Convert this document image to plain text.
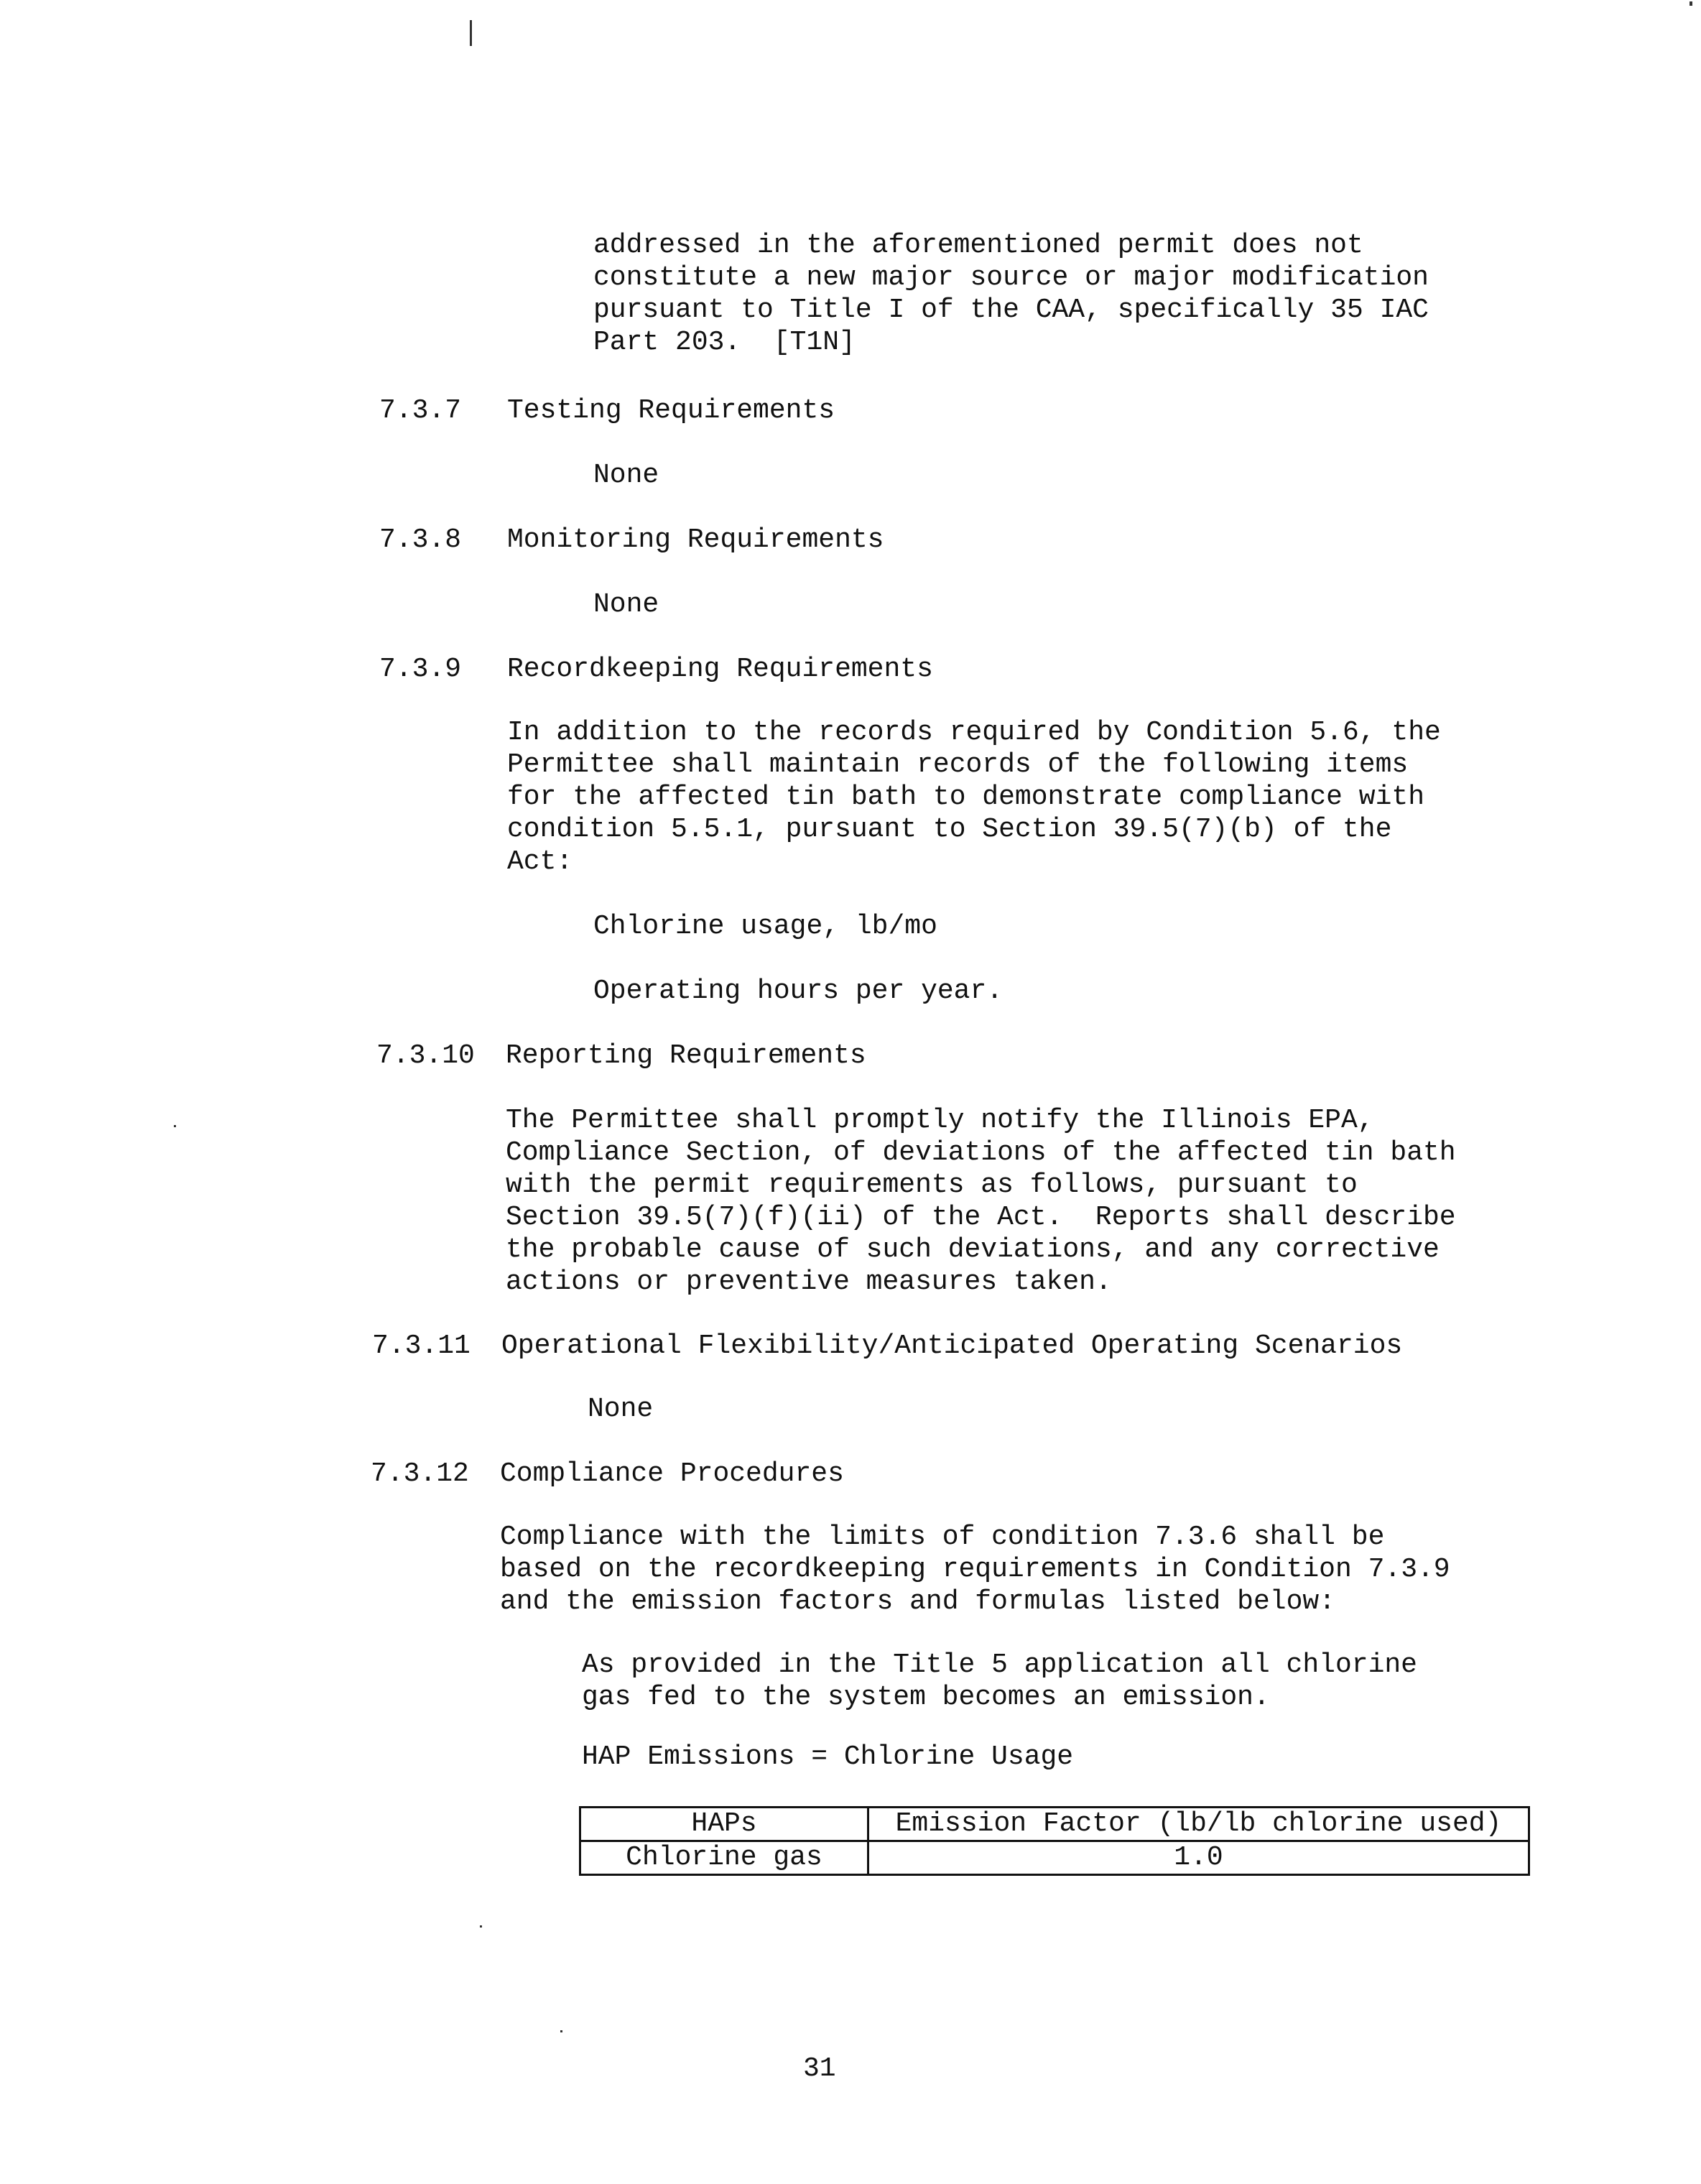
addressed in the aforementioned permit does not
constitute a new major source or major modification
pursuant to Title I of the CAA, specifically 35 IAC
Part 203.  [T1N]
7.3.7 Testing Requirements
None
7.3.8 Monitoring Requirements
None
7.3.9 Recordkeeping Requirements
In addition to the records required by Condition 5.6, the
Permittee shall maintain records of the following items
for the affected tin bath to demonstrate compliance with
condition 5.5.1, pursuant to Section 39.5(7)(b) of the
Act:
Chlorine usage, lb/mo
Operating hours per year.
7.3.10 Reporting Requirements
The Permittee shall promptly notify the Illinois EPA,
Compliance Section, of deviations of the affected tin bath
with the permit requirements as follows, pursuant to
Section 39.5(7)(f)(ii) of the Act.  Reports shall describe
the probable cause of such deviations, and any corrective
actions or preventive measures taken.
7.3.11 Operational Flexibility/Anticipated Operating Scenarios
None
7.3.12 Compliance Procedures
Compliance with the limits of condition 7.3.6 shall be
based on the recordkeeping requirements in Condition 7.3.9
and the emission factors and formulas listed below:
As provided in the Title 5 application all chlorine
gas fed to the system becomes an emission.
HAP Emissions = Chlorine Usage
HAPs	Emission Factor (lb/lb chlorine used)
Chlorine gas	1.0
31
